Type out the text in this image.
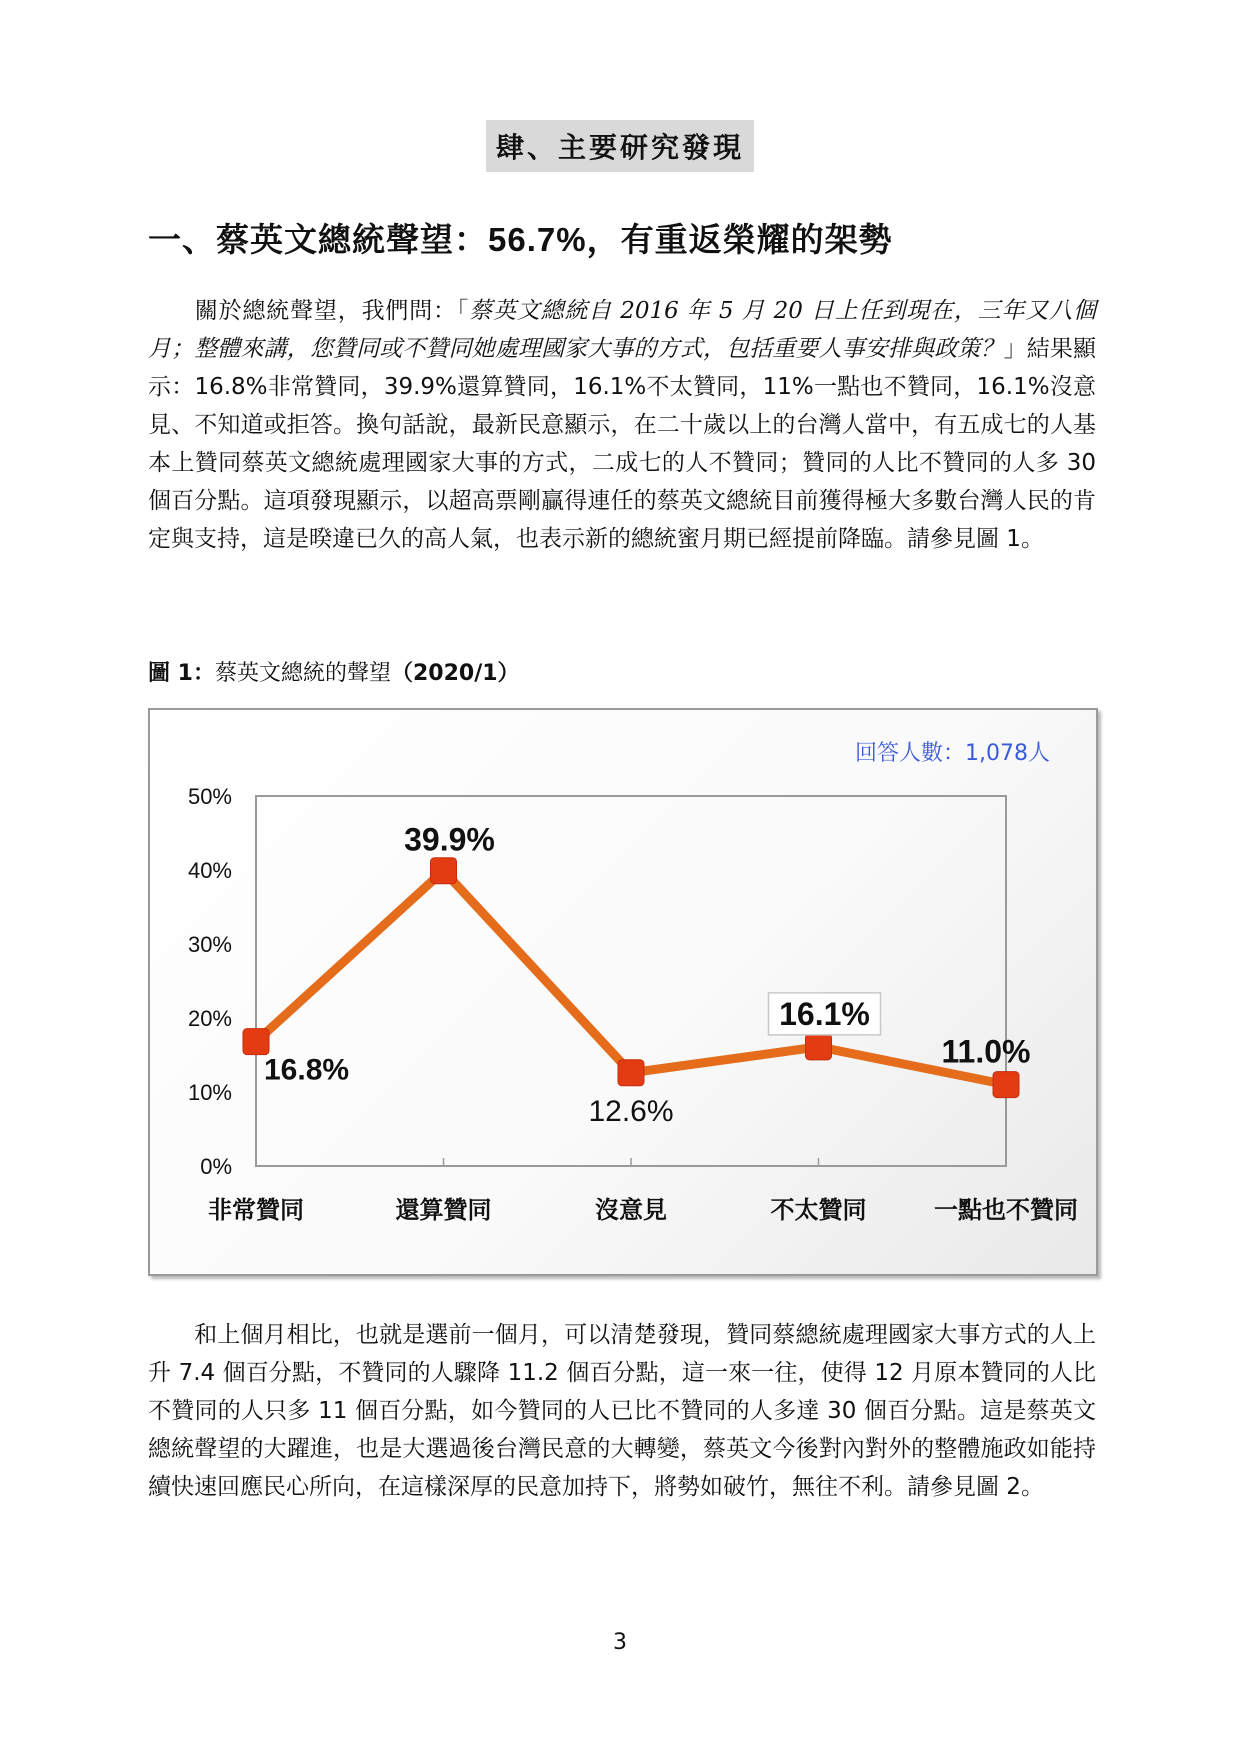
肆、主要研究發現
一、蔡英文總統聲望：56.7%，有重返榮耀的架勢
關於總統聲望，我們問：「蔡英文總統自 2016 年 5 月 20 日上任到現在，三年又八個月；整體來講，您贊同或不贊同她處理國家大事的方式，包括重要人事安排與政策？」結果顯示：16.8%非常贊同，39.9%還算贊同，16.1%不太贊同，11%一點也不贊同，16.1%沒意見、不知道或拒答。換句話說，最新民意顯示，在二十歲以上的台灣人當中，有五成七的人基本上贊同蔡英文總統處理國家大事的方式，二成七的人不贊同；贊同的人比不贊同的人多 30 個百分點。這項發現顯示，以超高票剛贏得連任的蔡英文總統目前獲得極大多數台灣人民的肯定與支持，這是暌違已久的高人氣，也表示新的總統蜜月期已經提前降臨。請參見圖 1。
圖 1：蔡英文總統的聲望（2020/1）
0%
10%
20%
30%
40%
50%
非常贊同	還算贊同	沒意見	不太贊同	一點也不贊同
16.8%
39.9%
12.6%
16.1%
11.0%
回答人數：1,078人
和上個月相比，也就是選前一個月，可以清楚發現，贊同蔡總統處理國家大事方式的人上升 7.4 個百分點，不贊同的人驟降 11.2 個百分點，這一來一往，使得 12 月原本贊同的人比不贊同的人只多 11 個百分點，如今贊同的人已比不贊同的人多達 30 個百分點。這是蔡英文總統聲望的大躍進，也是大選過後台灣民意的大轉變，蔡英文今後對內對外的整體施政如能持續快速回應民心所向，在這樣深厚的民意加持下，將勢如破竹，無往不利。請參見圖 2。
3
